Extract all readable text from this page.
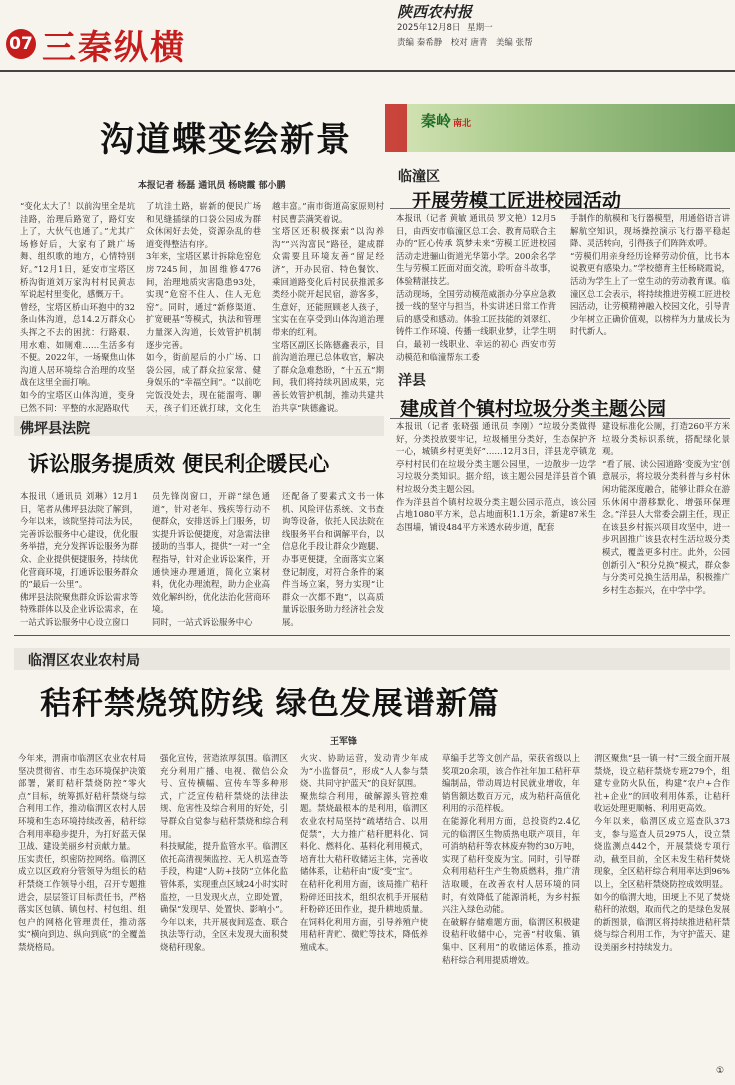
07 三秦纵横
陕西农村报
2025年12月8日 星期一
责编 秦希静　校对 唐青　美编 张帮
沟道蝶变绘新景
本报记者 杨磊 通讯员 杨晓霞 郁小鹏
“变化太大了！以前沟里全是坑洼路，治理后路宽了，路灯安上了，大伙气也通了。”尤其广场修好后，大家有了跳广场舞、组织歌的地方，心情特别好。”12月1日，延安市宝塔区桥沟街道刘万家沟村村民黄志军说起村里变化，感慨万千。
曾经，宝塔区桥山环抱中的32条山体沟道，总14.2万群众心头挥之不去的困扰：行路艰、用水难、如厕难……生活多有不便。2022年，一场聚焦山体沟道人居环境综合治理的攻坚战在这里全面打响。
如今的宝塔区山体沟道，变身已然不同：平整的水泥路取代
了坑洼土路，崭新的便民广场和见缝插绿的口袋公园成为群众休闲好去处，资源杂乱的巷道变得整洁有序。
3年来，宝塔区累计拆除危窑危房7245间，加固维修4776间，治理地质灾害隐患93处，实现“危窑不住人、住人无危窑”。同时，通过“新修渠道、扩宽硬基”等模式，执法和管理力量深入沟道，长效管护机制逐步完善。
如今，街前屋后的小广场、口袋公园，成了群众拉家常、健身娱乐的“幸福空间”。“以前吃完饭没处去，现在能溜弯、聊天，孩子们还就打球，文化生
越丰富。”南市街道高家原则村村民曹芸满笑着说。
宝塔区还积极探索“以沟养沟”“兴沟富民”路径，建成群众需要且环境友善“留足经济”，开办民宿、特色餐饮、乘回道路变化后村民获推派多类经小院开起民宿，游客多，生意好，还能照顾老人孩子，宝实在在享受到山体沟道治理带来的红利。
宝塔区副区长陈德鑫表示，目前沟道治理已总体收官，解决了群众急难愁盼，“十五五”期间，我们将持续巩固成果，完善长效管护机制，推动共建共治共享“陕德鑫说。
秦岭 南北
临潼区
开展劳模工匠进校园活动
本报讯（记者 黄敏 通讯员 罗文艳）12月5日，由西安市临潼区总工会、教育局联合主办的“匠心传承 筑梦未来”劳模工匠进校园活动走进骊山街道光华第小学。200余名学生与劳模工匠面对面交流，聆听奋斗故事，体验精湛技艺。
活动现场，全国劳动模范威浙办分享应急救援一线的坚守与担当，朴实讲述日常工作背后的感受和感动。体验工匠技能的刘翠红、铸件工作环境、传播一线职业梦，让学生明白，最初一线职业、幸运的初心 西安市劳动模范和临潼帮东工委
手制作的航模和飞行器模型，用通俗语言讲解航空知识，现场操控演示飞行器平稳起降、灵活转向，引得孩子们阵阵欢呼。
“劳模们用亲身经历诠释劳动价值，比书本说教更有感染力。”学校德育主任杨晓霞说，活动为学生上了一堂生动的劳动教育课。临潼区总工会表示，将持续推进劳模工匠进校园活动，让劳模精神融入校园文化，引导青少年树立正确价值观，以榜样为力量成长为时代新人。
洋县
建成首个镇村垃圾分类主题公园
本报讯（记者 张晓强 通讯员 李刚）“垃圾分类做得好，分类投放要牢记，垃圾桶里分类好，生态保护齐一心，城镇乡村更美好”……12月3日，洋县龙亭镇龙亭村村民们在垃圾分类主题公园里，一边散步一边学习垃圾分类知识。据介绍，该主题公园是洋县首个镇村垃圾分类主题公园。
作为洋县首个镇村垃圾分类主题公园示范点，该公园占地1080平方米，总占地面积1.1万余，新建87米生态围墙，铺设484平方米透水砖步道，配套
建设标准化公厕，打造260平方米垃圾分类标识系统，搭配绿化景观。
“看了展、读公园道路‘变废为宝’创意展示，将垃圾分类科普与乡村休闲功能深度融合，能够让群众在游乐休闲中潜移默化、增强环保理念。”洋县人大常委会副主任，现正在该县乡村振兴项目攻坚中，进一步巩固推广该县农村生活垃圾分类模式，覆盖更多村庄。此外，公园创新引入“积分兑换”模式，群众参与分类可兑换生活用品，积极推广乡村生态振兴，在中学中学。
佛坪县法院
诉讼服务提质效 便民利企暖民心
本报讯（通讯员 刘琳）12月1日，笔者从佛坪县法院了解到，今年以来，该院坚持司法为民，完善诉讼服务中心建设，优化服务举措，充分发挥诉讼服务为群众、企业提供便捷服务，持续优化营商环境，打通诉讼服务群众的“最后一公里”。
佛坪县法院聚焦群众诉讼需求等特殊群体以及企业诉讼需求，在一站式诉讼服务中心设立窗口
员先锋岗窗口，开辟“绿色通道”，针对老年、残疾等行动不便群众，安排送诉上门服务，切实提升诉讼便捷度，对急需法律援助的当事人，提供“一对一”全程指导，针对企业诉讼案件，开通快速办理通道，简化立案材料，优化办理流程，助力企业高效化解纠纷，优化法治化营商环境。
同时，一站式诉讼服务中心
还配备了要素式文书一体机、风险评估系统、文书查询等设备，依托人民法院在线服务平台和调解平台，以信息化手段让群众少跑腿、办事更便捷，全面落实立案登记制度，对符合条件的案件当场立案，努力实现“让群众一次都不跑”，以高质量诉讼服务助力经济社会发展。
临渭区农业农村局
秸秆禁烧筑防线 绿色发展谱新篇
王军锋
今年来，渭南市临渭区农业农村局坚决贯彻省、市生态环境保护决策部署，紧盯秸秆禁烧防控“零火点”目标，统筹抓好秸秆禁烧与综合利用工作，推动临渭区农村人居环境和生态环境持续改善，秸秆综合利用率稳步提升，为打好蓝天保卫战、建设美丽乡村贡献力量。
压实责任，织密防控网络。临渭区成立以区政府分管领导为组长的秸秆禁烧工作领导小组，召开专题推进会，层层签订目标责任书，严格落实区包镇、镇包村、村包组、组包户的网格化管理责任，推动落实“横向到边、纵向到底”的全覆盖禁烧格局。
强化宣传，营造浓厚氛围。临渭区充分利用广播、电视、微信公众号、宣传横幅、宣传车等多种形式，广泛宣传秸秆禁烧的法律法规、危害性及综合利用的好处，引导群众自觉参与秸秆禁烧和综合利用。
科技赋能，提升监管水平。临渭区依托高清视频监控、无人机巡查等手段，构建“人防+技防”立体化监管体系，实现重点区域24小时实时监控，一旦发现火点，立即处置，确保“发现早、处置快、影响小”。今年以来，共开展夜间巡查、联合执法等行动，全区未发现大面积焚烧秸秆现象。
火灾、协助运营，发动青少年成为“小监督员”，形成“人人参与禁烧、共同守护蓝天”的良好氛围。
聚焦综合利用，破解源头管控难题。禁烧最根本的是利用，临渭区农业农村局坚持“疏堵结合、以用促禁”，大力推广秸秆肥料化、饲料化、燃料化、基料化利用模式，培育壮大秸秆收储运主体，完善收储体系，让秸秆由“废”变“宝”。
在秸秆化利用方面，该局推广秸秆粉碎还田技术，组织农机手开展秸秆粉碎还田作业，提升耕地质量。在饲料化利用方面，引导养殖户使用秸秆青贮、微贮等技术，降低养殖成本。
草编手艺等文创产品，荣获省级以上奖项20余项，该合作社年加工秸秆草编制品，带动周边村民就业增收，年销售额达数百万元，成为秸秆高值化利用的示范样板。
在能源化利用方面，总投资约2.4亿元的临渭区生物质热电联产项目，年可消纳秸秆等农林废弃物约30万吨，实现了秸秆变废为宝。同时，引导群众利用秸秆生产生物质燃料，推广清洁取暖，在改善农村人居环境的同时，有效降低了能源消耗，为乡村振兴注入绿色动能。
在破解存储难题方面，临渭区积极建设秸秆收储中心，完善“村收集、镇集中、区利用”的收储运体系，推动秸秆综合利用提质增效。
渭区聚焦“县一镇一村”三级全面开展禁烧，设立秸秆禁烧专班279个，组建专业防火队伍，构建“农户+合作社+企业”的回收利用体系，让秸秆收运处理更顺畅、利用更高效。
今年以来，临渭区成立巡查队373支，参与巡查人员2975人，设立禁烧监测点442个，开展禁烧专项行动，截至目前，全区未发生秸秆焚烧现象，全区秸秆综合利用率达到96%以上，全区秸秆禁烧防控成效明显。
如今的临渭大地，田埂上不见了焚烧秸秆的浓烟，取而代之的是绿色发展的新图景，临渭区将持续推进秸秆禁烧与综合利用工作，为守护蓝天、建设美丽乡村持续发力。
①
